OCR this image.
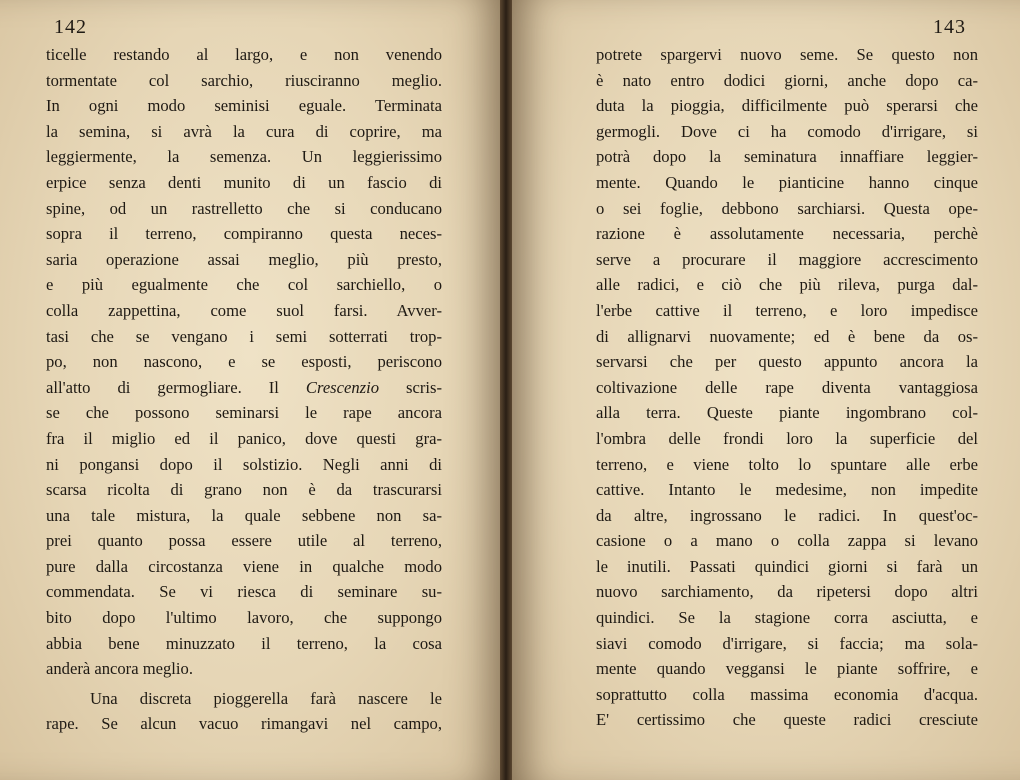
142
ticelle restando al largo, e non venendo
tormentate col sarchio, riusciranno meglio.
In ogni modo seminisi eguale. Terminata
la semina, si avrà la cura di coprire, ma
leggiermente, la semenza. Un leggierissimo
erpice senza denti munito di un fascio di
spine, od un rastrelletto che si conducano
sopra il terreno, compiranno questa neces-
saria operazione assai meglio, più presto,
e più egualmente che col sarchiello, o
colla zappettina, come suol farsi. Avver-
tasi che se vengano i semi sotterrati trop-
po, non nascono, e se esposti, periscono
all'atto di germogliare. Il Crescenzio scris-
se che possono seminarsi le rape ancora
fra il miglio ed il panico, dove questi gra-
ni pongansi dopo il solstizio. Negli anni di
scarsa ricolta di grano non è da trascurarsi
una tale mistura, la quale sebbene non sa-
prei quanto possa essere utile al terreno,
pure dalla circostanza viene in qualche modo
commendata. Se vi riesca di seminare su-
bito dopo l'ultimo lavoro, che suppongo
abbia bene minuzzato il terreno, la cosa
anderà ancora meglio.
Una discreta pioggerella farà nascere le
rape. Se alcun vacuo rimangavi nel campo,
143
potrete spargervi nuovo seme. Se questo non
è nato entro dodici giorni, anche dopo ca-
duta la pioggia, difficilmente può sperarsi che
germogli. Dove ci ha comodo d'irrigare, si
potrà dopo la seminatura innaffiare leggier-
mente. Quando le pianticine hanno cinque
o sei foglie, debbono sarchiarsi. Questa ope-
razione è assolutamente necessaria, perchè
serve a procurare il maggiore accrescimento
alle radici, e ciò che più rileva, purga dal-
l'erbe cattive il terreno, e loro impedisce
di allignarvi nuovamente; ed è bene da os-
servarsi che per questo appunto ancora la
coltivazione delle rape diventa vantaggiosa
alla terra. Queste piante ingombrano col-
l'ombra delle frondi loro la superficie del
terreno, e viene tolto lo spuntare alle erbe
cattive. Intanto le medesime, non impedite
da altre, ingrossano le radici. In quest'oc-
casione o a mano o colla zappa si levano
le inutili. Passati quindici giorni si farà un
nuovo sarchiamento, da ripetersi dopo altri
quindici. Se la stagione corra asciutta, e
siavi comodo d'irrigare, si faccia; ma sola-
mente quando veggansi le piante soffrire, e
soprattutto colla massima economia d'acqua.
E' certissimo che queste radici cresciute
